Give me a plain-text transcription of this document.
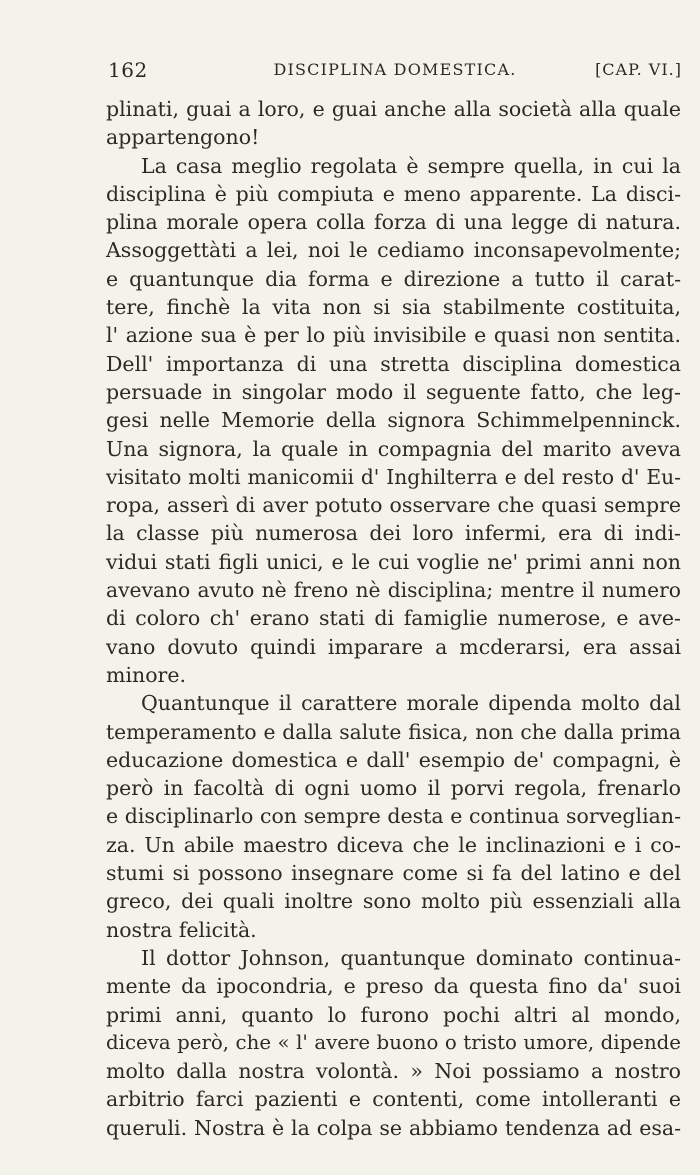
162	DISCIPLINA DOMESTICA.	[CAP. VI.]
plinati, guai a loro, e guai anche alla società alla quale
appartengono!
La casa meglio regolata è sempre quella, in cui la
disciplina è più compiuta e meno apparente. La disci-
plina morale opera colla forza di una legge di natura.
Assoggettàti a lei, noi le cediamo inconsapevolmente;
e quantunque dia forma e direzione a tutto il carat-
tere, finchè la vita non si sia stabilmente costituita,
l' azione sua è per lo più invisibile e quasi non sentita.
Dell' importanza di una stretta disciplina domestica
persuade in singolar modo il seguente fatto, che leg-
gesi nelle Memorie della signora Schimmelpenninck.
Una signora, la quale in compagnia del marito aveva
visitato molti manicomii d' Inghilterra e del resto d' Eu-
ropa, asserì di aver potuto osservare che quasi sempre
la classe più numerosa dei loro infermi, era di indi-
vidui stati figli unici, e le cui voglie ne' primi anni non
avevano avuto nè freno nè disciplina; mentre il numero
di coloro ch' erano stati di famiglie numerose, e ave-
vano dovuto quindi imparare a mcderarsi, era assai
minore.
Quantunque il carattere morale dipenda molto dal
temperamento e dalla salute fisica, non che dalla prima
educazione domestica e dall' esempio de' compagni, è
però in facoltà di ogni uomo il porvi regola, frenarlo
e disciplinarlo con sempre desta e continua sorveglian-
za. Un abile maestro diceva che le inclinazioni e i co-
stumi si possono insegnare come si fa del latino e del
greco, dei quali inoltre sono molto più essenziali alla
nostra felicità.
Il dottor Johnson, quantunque dominato continua-
mente da ipocondria, e preso da questa fino da' suoi
primi anni, quanto lo furono pochi altri al mondo,
diceva però, che « l' avere buono o tristo umore, dipende
molto dalla nostra volontà. » Noi possiamo a nostro
arbitrio farci pazienti e contenti, come intolleranti e
queruli. Nostra è la colpa se abbiamo tendenza ad esa-
